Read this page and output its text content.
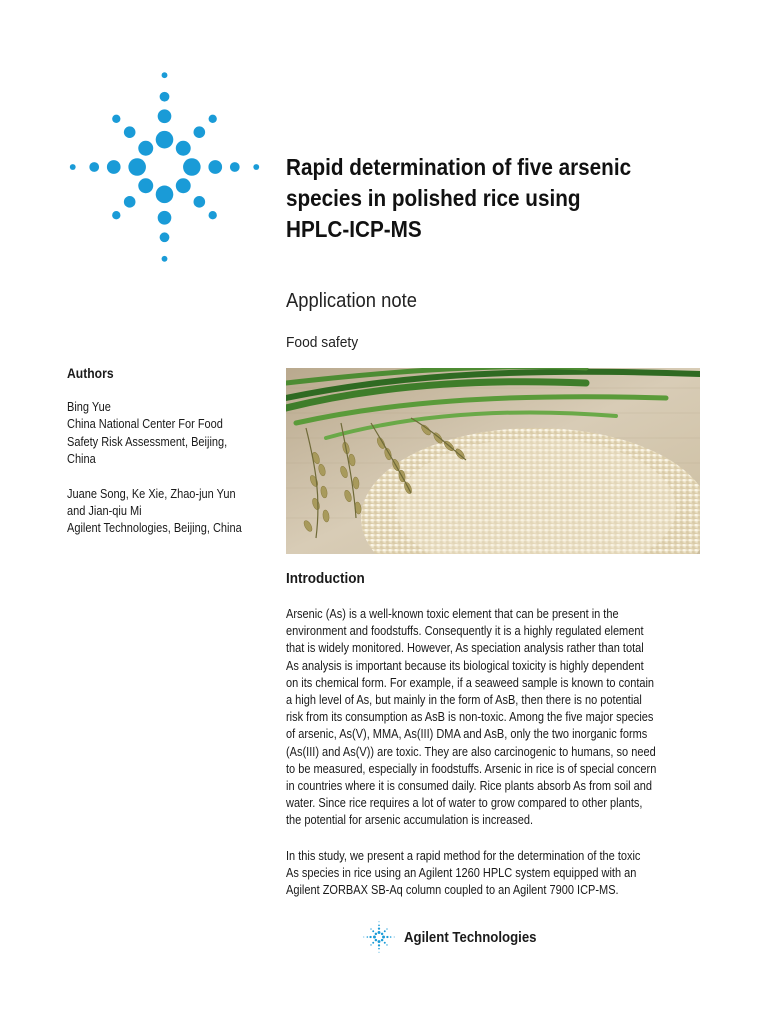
Rapid determination of five arsenic
species in polished rice using
HPLC-ICP-MS
Application note
Food safety
Authors
Bing Yue
China National Center For Food
Safety Risk Assessment, Beijing,
China
Juane Song, Ke Xie, Zhao-jun Yun
and Jian-qiu Mi
Agilent Technologies, Beijing, China
Introduction
Arsenic (As) is a well-known toxic element that can be present in the
environment and foodstuffs. Consequently it is a highly regulated element
that is widely monitored. However, As speciation analysis rather than total
As analysis is important because its biological toxicity is highly dependent
on its chemical form. For example, if a seaweed sample is known to contain
a high level of As, but mainly in the form of AsB, then there is no potential
risk from its consumption as AsB is non-toxic. Among the five major species
of arsenic, As(V), MMA, As(III) DMA and AsB, only the two inorganic forms
(As(III) and As(V)) are toxic. They are also carcinogenic to humans, so need
to be measured, especially in foodstuffs. Arsenic in rice is of special concern
in countries where it is consumed daily. Rice plants absorb As from soil and
water. Since rice requires a lot of water to grow compared to other plants,
the potential for arsenic accumulation is increased.
In this study, we present a rapid method for the determination of the toxic
As species in rice using an Agilent 1260 HPLC system equipped with an
Agilent ZORBAX SB-Aq column coupled to an Agilent 7900 ICP-MS.
Agilent Technologies
